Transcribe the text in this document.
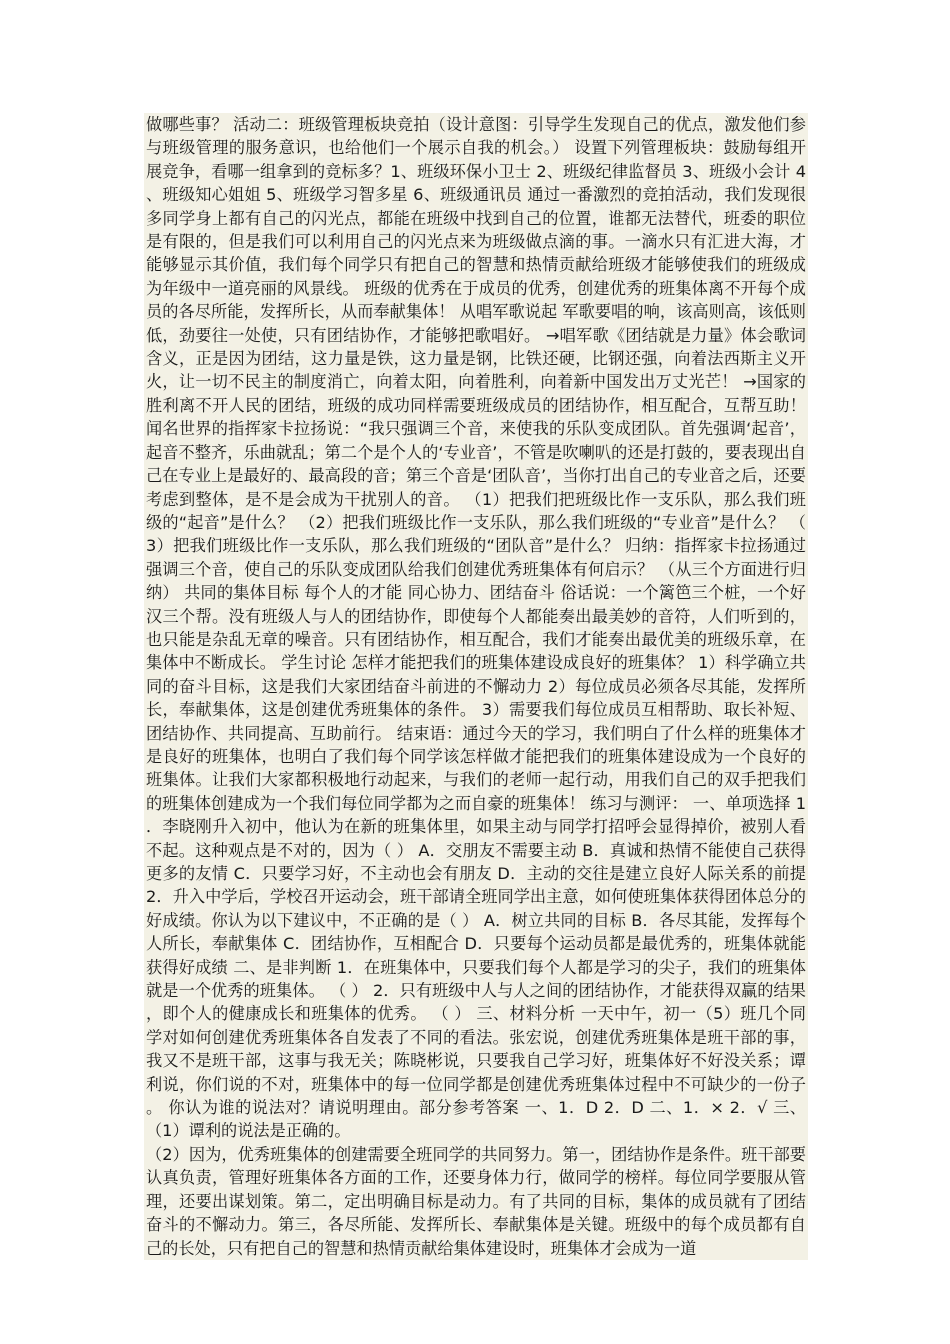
做哪些事？ 活动二：班级管理板块竞拍（设计意图：引导学生发现自己的优点，激发他们参与班级管理的服务意识，也给他们一个展示自我的机会。） 设置下列管理板块：鼓励每组开展竞争，看哪一组拿到的竞标多？1、班级环保小卫士 2、班级纪律监督员 3、班级小会计 4、班级知心姐姐 5、班级学习智多星 6、班级通讯员 通过一番激烈的竞拍活动，我们发现很多同学身上都有自己的闪光点，都能在班级中找到自己的位置，谁都无法替代，班委的职位是有限的，但是我们可以利用自己的闪光点来为班级做点滴的事。一滴水只有汇进大海，才能够显示其价值，我们每个同学只有把自己的智慧和热情贡献给班级才能够使我们的班级成为年级中一道亮丽的风景线。 班级的优秀在于成员的优秀，创建优秀的班集体离不开每个成员的各尽所能，发挥所长，从而奉献集体！ 从唱军歌说起 军歌要唱的响，该高则高，该低则低，劲要往一处使，只有团结协作，才能够把歌唱好。 →唱军歌《团结就是力量》体会歌词含义，正是因为团结，这力量是铁，这力量是钢，比铁还硬，比钢还强，向着法西斯主义开火，让一切不民主的制度消亡，向着太阳，向着胜利，向着新中国发出万丈光芒！ →国家的胜利离不开人民的团结，班级的成功同样需要班级成员的团结协作，相互配合，互帮互助！ 闻名世界的指挥家卡拉扬说：“我只强调三个音，来使我的乐队变成团队。首先强调‘起音’，起音不整齐，乐曲就乱；第二个是个人的‘专业音’，不管是吹喇叭的还是打鼓的，要表现出自己在专业上是最好的、最高段的音；第三个音是‘团队音’，当你打出自己的专业音之后，还要考虑到整体，是不是会成为干扰别人的音。 （1）把我们把班级比作一支乐队，那么我们班级的“起音”是什么？ （2）把我们班级比作一支乐队，那么我们班级的“专业音”是什么？ （3）把我们班级比作一支乐队，那么我们班级的“团队音”是什么？ 归纳：指挥家卡拉扬通过强调三个音，使自己的乐队变成团队给我们创建优秀班集体有何启示？ （从三个方面进行归纳） 共同的集体目标 每个人的才能 同心协力、团结奋斗 俗话说：一个篱笆三个桩，一个好汉三个帮。没有班级人与人的团结协作，即使每个人都能奏出最美妙的音符，人们听到的，也只能是杂乱无章的噪音。只有团结协作，相互配合，我们才能奏出最优美的班级乐章，在集体中不断成长。 学生讨论 怎样才能把我们的班集体建设成良好的班集体？ 1）科学确立共同的奋斗目标，这是我们大家团结奋斗前进的不懈动力 2）每位成员必须各尽其能，发挥所长，奉献集体，这是创建优秀班集体的条件。 3）需要我们每位成员互相帮助、取长补短、团结协作、共同提高、互助前行。 结束语：通过今天的学习，我们明白了什么样的班集体才是良好的班集体，也明白了我们每个同学该怎样做才能把我们的班集体建设成为一个良好的班集体。让我们大家都积极地行动起来，与我们的老师一起行动，用我们自己的双手把我们的班集体创建成为一个我们每位同学都为之而自豪的班集体！ 练习与测评： 一、单项选择 1．李晓刚升入初中，他认为在新的班集体里，如果主动与同学打招呼会显得掉价，被别人看不起。这种观点是不对的，因为（ ） A．交朋友不需要主动 B．真诚和热情不能使自己获得更多的友情 C．只要学习好，不主动也会有朋友 D．主动的交往是建立良好人际关系的前提 2．升入中学后，学校召开运动会，班干部请全班同学出主意，如何使班集体获得团体总分的好成绩。你认为以下建议中，不正确的是（ ） A．树立共同的目标 B．各尽其能，发挥每个人所长，奉献集体 C．团结协作，互相配合 D．只要每个运动员都是最优秀的，班集体就能获得好成绩 二、是非判断 1．在班集体中，只要我们每个人都是学习的尖子，我们的班集体就是一个优秀的班集体。 （ ） 2．只有班级中人与人之间的团结协作，才能获得双赢的结果，即个人的健康成长和班集体的优秀。 （ ） 三、材料分析 一天中午，初一（5）班几个同学对如何创建优秀班集体各自发表了不同的看法。张宏说，创建优秀班集体是班干部的事，我又不是班干部，这事与我无关；陈晓彬说，只要我自己学习好，班集体好不好没关系；谭利说，你们说的不对，班集体中的每一位同学都是创建优秀班集体过程中不可缺少的一份子。 你认为谁的说法对？请说明理由。部分参考答案 一、1．D 2．D 二、1．× 2．√ 三、 （1）谭利的说法是正确的。

（2）因为，优秀班集体的创建需要全班同学的共同努力。第一，团结协作是条件。班干部要认真负责，管理好班集体各方面的工作，还要身体力行，做同学的榜样。每位同学要服从管理，还要出谋划策。第二，定出明确目标是动力。有了共同的目标，集体的成员就有了团结奋斗的不懈动力。第三，各尽所能、发挥所长、奉献集体是关键。班级中的每个成员都有自己的长处，只有把自己的智慧和热情贡献给集体建设时，班集体才会成为一道
